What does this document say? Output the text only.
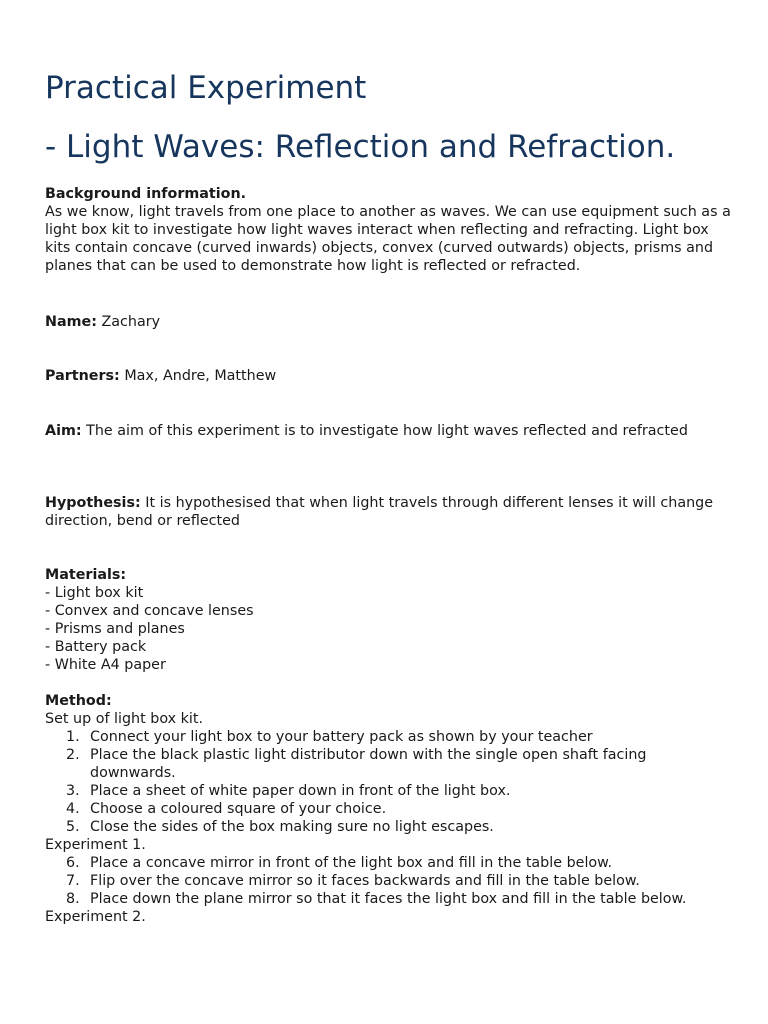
Practical Experiment
- Light Waves: Reflection and Refraction.

Background information.

As we know, light travels from one place to another as waves. We can use equipment such as a light box kit to investigate how light waves interact when reflecting and refracting. Light box kits contain concave (curved inwards) objects, convex (curved outwards) objects, prisms and planes that can be used to demonstrate how light is reflected or refracted.

Name: Zachary
Partners: Max, Andre, Matthew
Aim: The aim of this experiment is to investigate how light waves reflected and refracted
Hypothesis: It is hypothesised that when light travels through different lenses it will change direction, bend or reflected

Materials:

- Light box kit

- Convex and concave lenses

- Prisms and planes

- Battery pack

- White A4 paper

Method:

Set up of light box kit.

1. Connect your light box to your battery pack as shown by your teacher
2. Place the black plastic light distributor down with the single open shaft facing downwards.
3. Place a sheet of white paper down in front of the light box.
4. Choose a coloured square of your choice.
5. Close the sides of the box making sure no light escapes.

Experiment 1.

6. Place a concave mirror in front of the light box and fill in the table below.
7. Flip over the concave mirror so it faces backwards and fill in the table below.
8. Place down the plane mirror so that it faces the light box and fill in the table below.

Experiment 2.
